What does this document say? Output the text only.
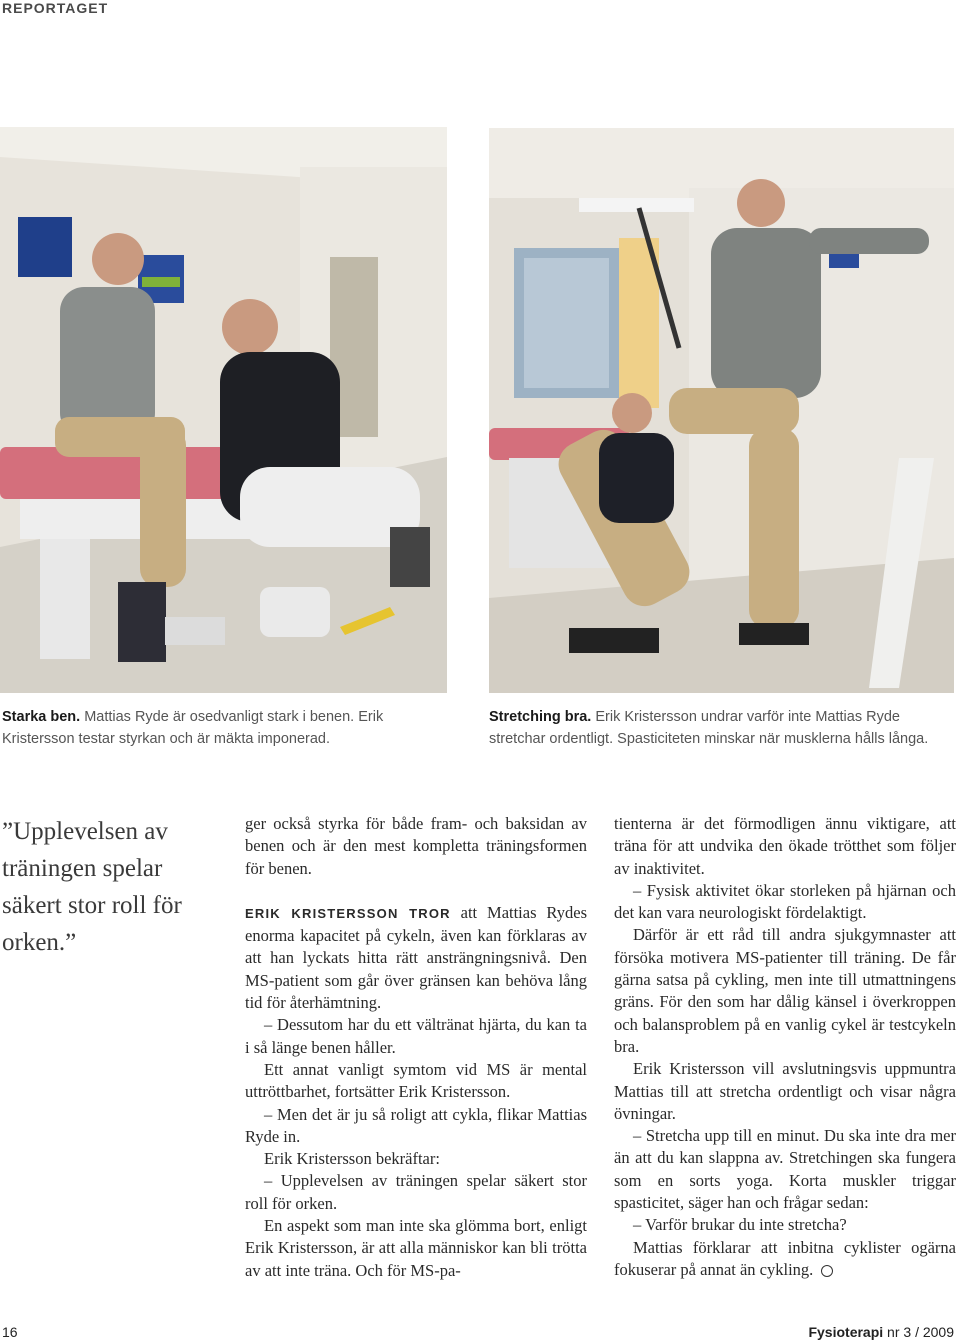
REPORTAGET
Starka ben. Mattias Ryde är osedvanligt stark i benen. Erik Kristersson testar styrkan och är mäkta imponerad.
Stretching bra. Erik Kristersson undrar varför inte Mattias Ryde stretchar ordentligt. Spasticiteten minskar när musklerna hålls långa.
”Upplevelsen av träningen spelar säkert stor roll för orken.”

ger också styrka för både fram- och baksidan av benen och är den mest kompletta träningsformen för benen.

ERIK KRISTERSSON TROR att Mattias Rydes enorma kapacitet på cykeln, även kan förklaras av att han lyckats hitta rätt ansträngningsnivå. Den MS-patient som går över gränsen kan behöva lång tid för återhämtning.

– Dessutom har du ett vältränat hjärta, du kan ta i så länge benen håller.

Ett annat vanligt symtom vid MS är mental uttröttbarhet, fortsätter Erik Kristersson.

– Men det är ju så roligt att cykla, flikar Mattias Ryde in.

Erik Kristersson bekräftar:

– Upplevelsen av träningen spelar säkert stor roll för orken.

En aspekt som man inte ska glömma bort, enligt Erik Kristersson, är att alla människor kan bli trötta av att inte träna. Och för MS-pa-

tienterna är det förmodligen ännu viktigare, att träna för att undvika den ökade trötthet som följer av inaktivitet.

– Fysisk aktivitet ökar storleken på hjärnan och det kan vara neurologiskt fördelaktigt.

Därför är ett råd till andra sjukgymnaster att försöka motivera MS-patienter till träning. De får gärna satsa på cykling, men inte till utmattningens gräns. För den som har dålig känsel i överkroppen och balansproblem på en vanlig cykel är testcykeln bra.

Erik Kristersson vill avslutningsvis uppmuntra Mattias till att stretcha ordentligt och visar några övningar.

– Stretcha upp till en minut. Du ska inte dra mer än att du kan slappna av. Stretchingen ska fungera som en sorts yoga. Korta muskler triggar spasticitet, säger han och frågar sedan:

– Varför brukar du inte stretcha?

Mattias förklarar att inbitna cyklister ogärna fokuserar på annat än cykling.

16	Fysioterapi nr 3 / 2009
